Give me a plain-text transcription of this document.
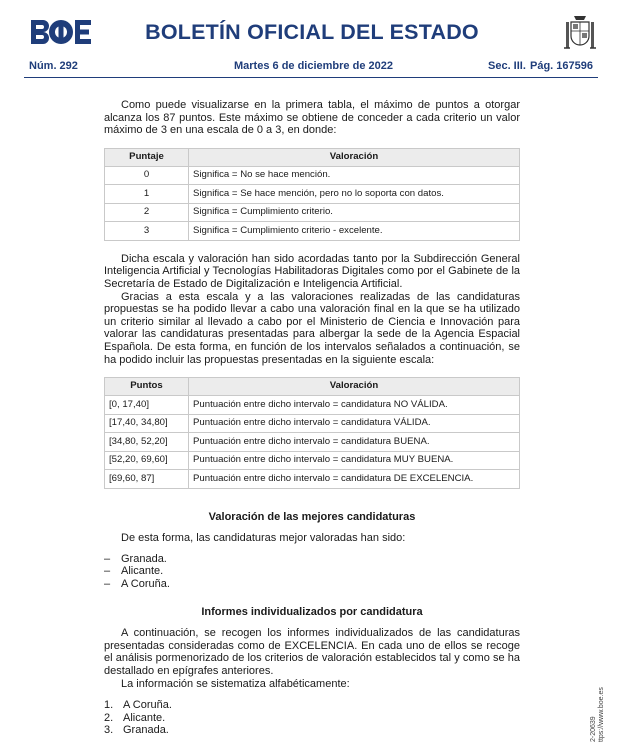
BOLETÍN OFICIAL DEL ESTADO
Núm. 292	Martes 6 de diciembre de 2022	Sec. III. Pág. 167596

Como puede visualizarse en la primera tabla, el máximo de puntos a otorgar alcanza los 87 puntos. Este máximo se obtiene de conceder a cada criterio un valor máximo de 3 en una escala de 0 a 3, en donde:

Puntaje	Valoración
0	Significa = No se hace mención.
1	Significa = Se hace mención, pero no lo soporta con datos.
2	Significa = Cumplimiento criterio.
3	Significa = Cumplimiento criterio - excelente.

Dicha escala y valoración han sido acordadas tanto por la Subdirección General Inteligencia Artificial y Tecnologías Habilitadoras Digitales como por el Gabinete de la Secretaría de Estado de Digitalización e Inteligencia Artificial.

Gracias a esta escala y a las valoraciones realizadas de las candidaturas propuestas se ha podido llevar a cabo una valoración final en la que se ha utilizado un criterio similar al llevado a cabo por el Ministerio de Ciencia e Innovación para valorar las candidaturas presentadas para albergar la sede de la Agencia Espacial Española. De esta forma, en función de los intervalos señalados a continuación, se ha podido incluir las propuestas presentadas en la siguiente escala:

Puntos	Valoración
[0, 17,40]	Puntuación entre dicho intervalo = candidatura NO VÁLIDA.
[17,40, 34,80]	Puntuación entre dicho intervalo = candidatura VÁLIDA.
[34,80, 52,20]	Puntuación entre dicho intervalo = candidatura BUENA.
[52,20, 69,60]	Puntuación entre dicho intervalo = candidatura MUY BUENA.
[69,60, 87]	Puntuación entre dicho intervalo = candidatura DE EXCELENCIA.
Valoración de las mejores candidaturas

De esta forma, las candidaturas mejor valoradas han sido:

– Granada.
– Alicante.
– A Coruña.
Informes individualizados por candidatura

A continuación, se recogen los informes individualizados de las candidaturas presentadas consideradas como de EXCELENCIA. En cada uno de ellos se recoge el análisis pormenorizado de los criterios de valoración establecidos tal y como se ha destallado en epígrafes anteriores.

La información se sistematiza alfabéticamente:

1. A Coruña.
2. Alicante.
3. Granada.	2-20639 ttps://www.boe.es
